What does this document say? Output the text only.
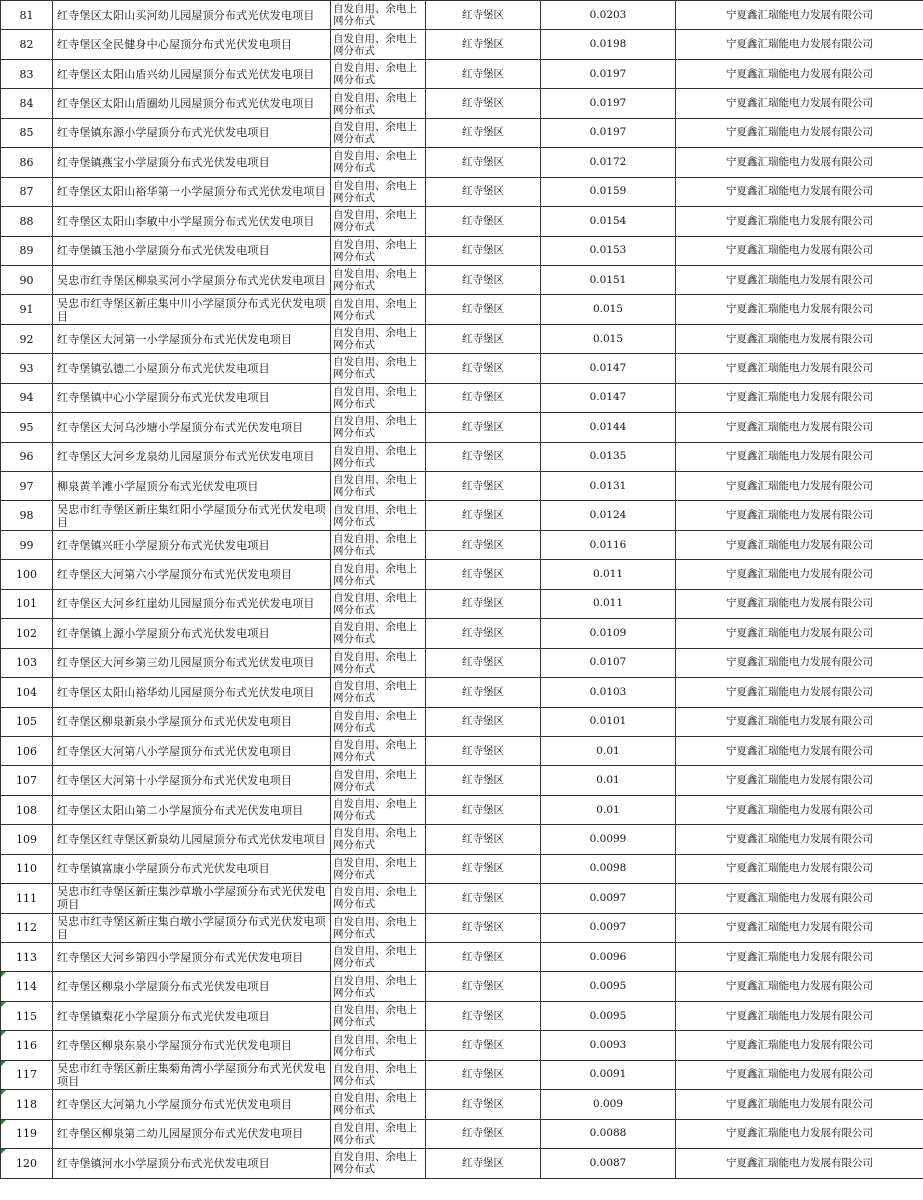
81	红寺堡区太阳山买河幼儿园屋顶分布式光伏发电项目	自发自用、余电上网分布式	红寺堡区	0.0203	宁夏鑫汇瑞能电力发展有限公司
82	红寺堡区全民健身中心屋顶分布式光伏发电项目	自发自用、余电上网分布式	红寺堡区	0.0198	宁夏鑫汇瑞能电力发展有限公司
83	红寺堡区太阳山盾兴幼儿园屋顶分布式光伏发电项目	自发自用、余电上网分布式	红寺堡区	0.0197	宁夏鑫汇瑞能电力发展有限公司
84	红寺堡区太阳山盾圈幼儿园屋顶分布式光伏发电项目	自发自用、余电上网分布式	红寺堡区	0.0197	宁夏鑫汇瑞能电力发展有限公司
85	红寺堡镇东源小学屋顶分布式光伏发电项目	自发自用、余电上网分布式	红寺堡区	0.0197	宁夏鑫汇瑞能电力发展有限公司
86	红寺堡镇燕宝小学屋顶分布式光伏发电项目	自发自用、余电上网分布式	红寺堡区	0.0172	宁夏鑫汇瑞能电力发展有限公司
87	红寺堡区太阳山裕华第一小学屋顶分布式光伏发电项目	自发自用、余电上网分布式	红寺堡区	0.0159	宁夏鑫汇瑞能电力发展有限公司
88	红寺堡区太阳山李敏中小学屋顶分布式光伏发电项目	自发自用、余电上网分布式	红寺堡区	0.0154	宁夏鑫汇瑞能电力发展有限公司
89	红寺堡镇玉池小学屋顶分布式光伏发电项目	自发自用、余电上网分布式	红寺堡区	0.0153	宁夏鑫汇瑞能电力发展有限公司
90	吴忠市红寺堡区柳泉买河小学屋顶分布式光伏发电项目	自发自用、余电上网分布式	红寺堡区	0.0151	宁夏鑫汇瑞能电力发展有限公司
91	吴忠市红寺堡区新庄集中川小学屋顶分布式光伏发电项目	自发自用、余电上网分布式	红寺堡区	0.015	宁夏鑫汇瑞能电力发展有限公司
92	红寺堡区大河第一小学屋顶分布式光伏发电项目	自发自用、余电上网分布式	红寺堡区	0.015	宁夏鑫汇瑞能电力发展有限公司
93	红寺堡镇弘德二小屋顶分布式光伏发电项目	自发自用、余电上网分布式	红寺堡区	0.0147	宁夏鑫汇瑞能电力发展有限公司
94	红寺堡镇中心小学屋顶分布式光伏发电项目	自发自用、余电上网分布式	红寺堡区	0.0147	宁夏鑫汇瑞能电力发展有限公司
95	红寺堡区大河乌沙塘小学屋顶分布式光伏发电项目	自发自用、余电上网分布式	红寺堡区	0.0144	宁夏鑫汇瑞能电力发展有限公司
96	红寺堡区大河乡龙泉幼儿园屋顶分布式光伏发电项目	自发自用、余电上网分布式	红寺堡区	0.0135	宁夏鑫汇瑞能电力发展有限公司
97	柳泉黄羊滩小学屋顶分布式光伏发电项目	自发自用、余电上网分布式	红寺堡区	0.0131	宁夏鑫汇瑞能电力发展有限公司
98	吴忠市红寺堡区新庄集红阳小学屋顶分布式光伏发电项目	自发自用、余电上网分布式	红寺堡区	0.0124	宁夏鑫汇瑞能电力发展有限公司
99	红寺堡镇兴旺小学屋顶分布式光伏发电项目	自发自用、余电上网分布式	红寺堡区	0.0116	宁夏鑫汇瑞能电力发展有限公司
100	红寺堡区大河第六小学屋顶分布式光伏发电项目	自发自用、余电上网分布式	红寺堡区	0.011	宁夏鑫汇瑞能电力发展有限公司
101	红寺堡区大河乡红崖幼儿园屋顶分布式光伏发电项目	自发自用、余电上网分布式	红寺堡区	0.011	宁夏鑫汇瑞能电力发展有限公司
102	红寺堡镇上源小学屋顶分布式光伏发电项目	自发自用、余电上网分布式	红寺堡区	0.0109	宁夏鑫汇瑞能电力发展有限公司
103	红寺堡区大河乡第三幼儿园屋顶分布式光伏发电项目	自发自用、余电上网分布式	红寺堡区	0.0107	宁夏鑫汇瑞能电力发展有限公司
104	红寺堡区太阳山裕华幼儿园屋顶分布式光伏发电项目	自发自用、余电上网分布式	红寺堡区	0.0103	宁夏鑫汇瑞能电力发展有限公司
105	红寺堡区柳泉新泉小学屋顶分布式光伏发电项目	自发自用、余电上网分布式	红寺堡区	0.0101	宁夏鑫汇瑞能电力发展有限公司
106	红寺堡区大河第八小学屋顶分布式光伏发电项目	自发自用、余电上网分布式	红寺堡区	0.01	宁夏鑫汇瑞能电力发展有限公司
107	红寺堡区大河第十小学屋顶分布式光伏发电项目	自发自用、余电上网分布式	红寺堡区	0.01	宁夏鑫汇瑞能电力发展有限公司
108	红寺堡区太阳山第二小学屋顶分布式光伏发电项目	自发自用、余电上网分布式	红寺堡区	0.01	宁夏鑫汇瑞能电力发展有限公司
109	红寺堡区红寺堡区新泉幼儿园屋顶分布式光伏发电项目	自发自用、余电上网分布式	红寺堡区	0.0099	宁夏鑫汇瑞能电力发展有限公司
110	红寺堡镇富康小学屋顶分布式光伏发电项目	自发自用、余电上网分布式	红寺堡区	0.0098	宁夏鑫汇瑞能电力发展有限公司
111	吴忠市红寺堡区新庄集沙草墩小学屋顶分布式光伏发电项目	自发自用、余电上网分布式	红寺堡区	0.0097	宁夏鑫汇瑞能电力发展有限公司
112	吴忠市红寺堡区新庄集白墩小学屋顶分布式光伏发电项目	自发自用、余电上网分布式	红寺堡区	0.0097	宁夏鑫汇瑞能电力发展有限公司
113	红寺堡区大河乡第四小学屋顶分布式光伏发电项目	自发自用、余电上网分布式	红寺堡区	0.0096	宁夏鑫汇瑞能电力发展有限公司
114	红寺堡区柳泉小学屋顶分布式光伏发电项目	自发自用、余电上网分布式	红寺堡区	0.0095	宁夏鑫汇瑞能电力发展有限公司
115	红寺堡镇梨花小学屋顶分布式光伏发电项目	自发自用、余电上网分布式	红寺堡区	0.0095	宁夏鑫汇瑞能电力发展有限公司
116	红寺堡区柳泉东泉小学屋顶分布式光伏发电项目	自发自用、余电上网分布式	红寺堡区	0.0093	宁夏鑫汇瑞能电力发展有限公司
117	吴忠市红寺堡区新庄集菊角湾小学屋顶分布式光伏发电项目	自发自用、余电上网分布式	红寺堡区	0.0091	宁夏鑫汇瑞能电力发展有限公司
118	红寺堡区大河第九小学屋顶分布式光伏发电项目	自发自用、余电上网分布式	红寺堡区	0.009	宁夏鑫汇瑞能电力发展有限公司
119	红寺堡区柳泉第二幼儿园屋顶分布式光伏发电项目	自发自用、余电上网分布式	红寺堡区	0.0088	宁夏鑫汇瑞能电力发展有限公司
120	红寺堡镇河水小学屋顶分布式光伏发电项目	自发自用、余电上网分布式	红寺堡区	0.0087	宁夏鑫汇瑞能电力发展有限公司
